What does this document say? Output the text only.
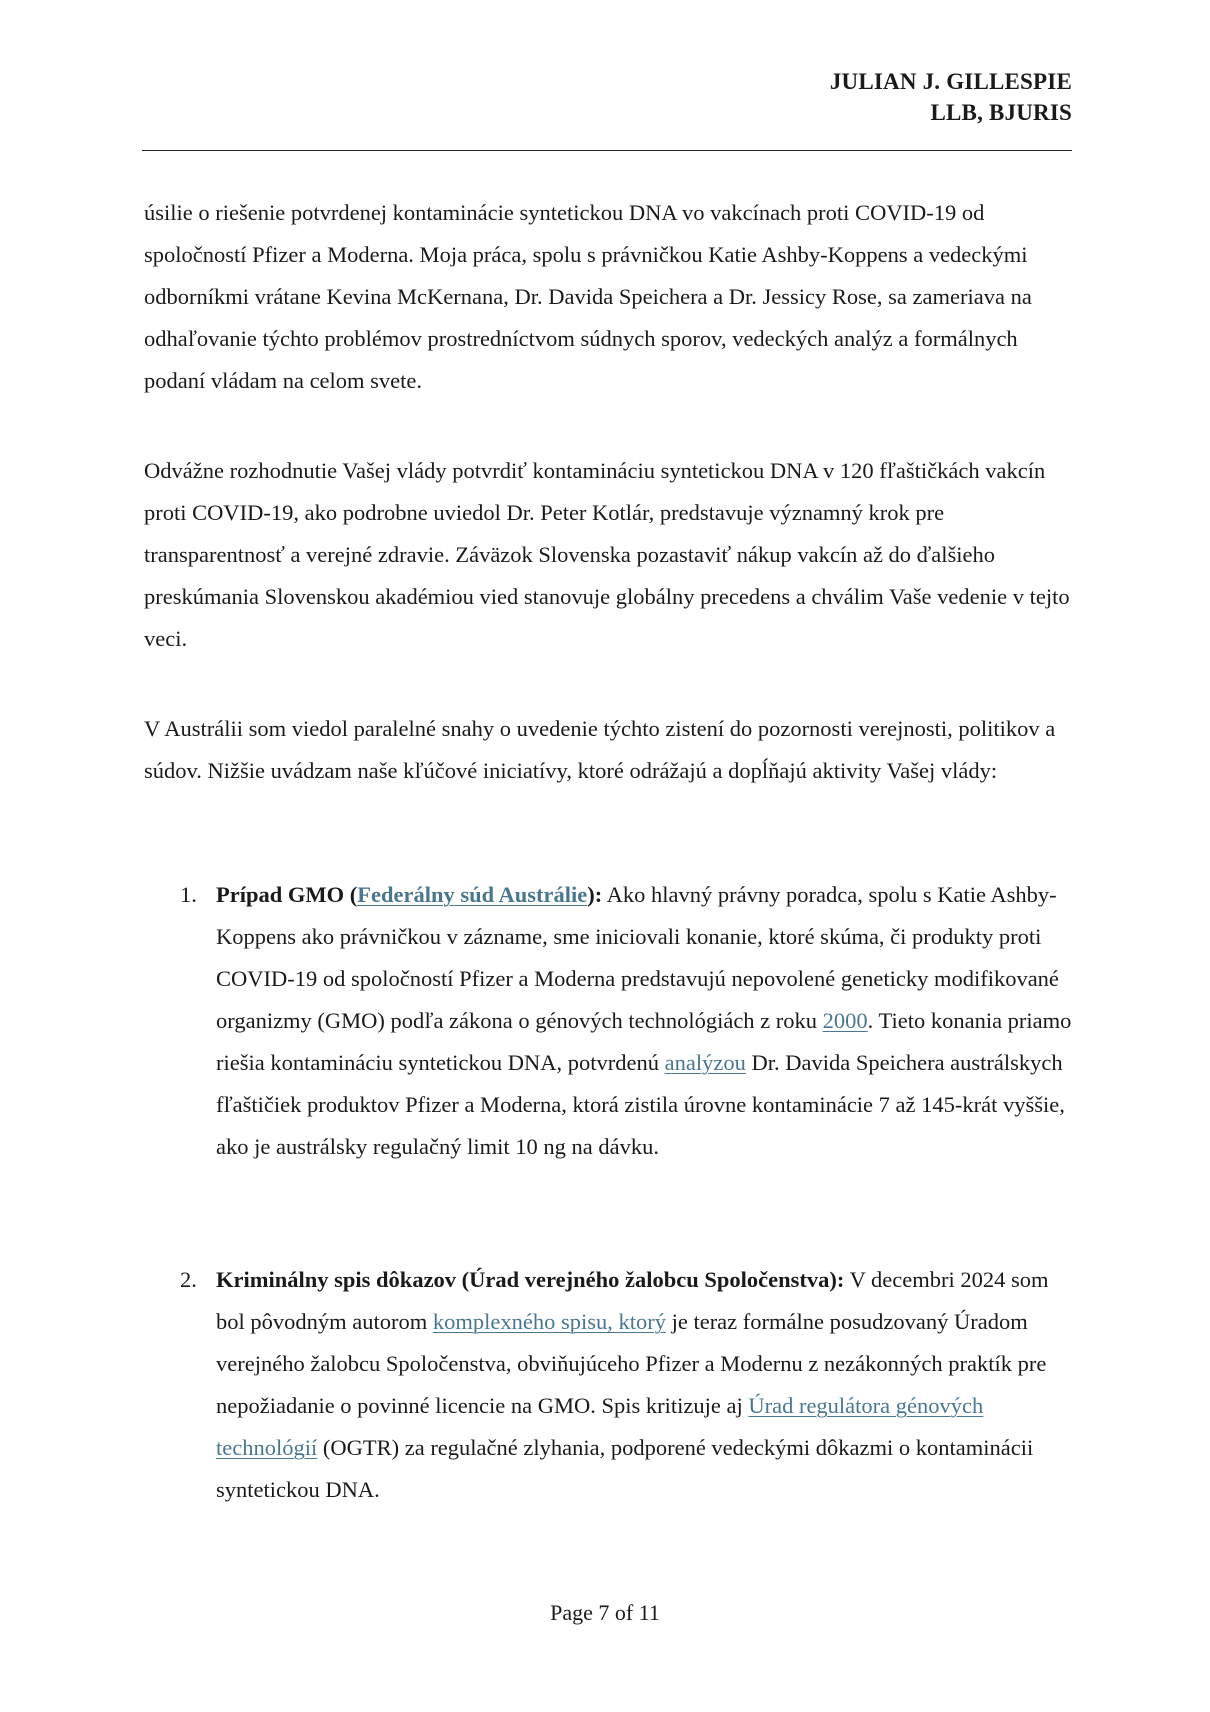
JULIAN J. GILLESPIE
LLB, BJURIS

úsilie o riešenie potvrdenej kontaminácie syntetickou DNA vo vakcínach proti COVID-19 od spoločností Pfizer a Moderna. Moja práca, spolu s právničkou Katie Ashby-Koppens a vedeckými odborníkmi vrátane Kevina McKernana, Dr. Davida Speichera a Dr. Jessicy Rose, sa zameriava na odhaľovanie týchto problémov prostredníctvom súdnych sporov, vedeckých analýz a formálnych podaní vládam na celom svete.

Odvážne rozhodnutie Vašej vlády potvrdiť kontamináciu syntetickou DNA v 120 fľaštičkách vakcín proti COVID-19, ako podrobne uviedol Dr. Peter Kotlár, predstavuje významný krok pre transparentnosť a verejné zdravie. Záväzok Slovenska pozastaviť nákup vakcín až do ďalšieho preskúmania Slovenskou akadémiou vied stanovuje globálny precedens a chválim Vaše vedenie v tejto veci.

V Austrálii som viedol paralelné snahy o uvedenie týchto zistení do pozornosti verejnosti, politikov a súdov. Nižšie uvádzam naše kľúčové iniciatívy, ktoré odrážajú a dopĺňajú aktivity Vašej vlády:

1. Prípad GMO (Federálny súd Austrálie): Ako hlavný právny poradca, spolu s Katie Ashby-Koppens ako právničkou v zázname, sme iniciovali konanie, ktoré skúma, či produkty proti COVID-19 od spoločností Pfizer a Moderna predstavujú nepovolené geneticky modifikované organizmy (GMO) podľa zákona o génových technológiách z roku 2000. Tieto konania priamo riešia kontamináciu syntetickou DNA, potvrdenú analýzou Dr. Davida Speichera austrálskych fľaštičiek produktov Pfizer a Moderna, ktorá zistila úrovne kontaminácie 7 až 145-krát vyššie, ako je austrálsky regulačný limit 10 ng na dávku.
2. Kriminálny spis dôkazov (Úrad verejného žalobcu Spoločenstva): V decembri 2024 som bol pôvodným autorom komplexného spisu, ktorý je teraz formálne posudzovaný Úradom verejného žalobcu Spoločenstva, obviňujúceho Pfizer a Modernu z nezákonných praktík pre nepožiadanie o povinné licencie na GMO. Spis kritizuje aj Úrad regulátora génových technológií (OGTR) za regulačné zlyhania, podporené vedeckými dôkazmi o kontaminácii syntetickou DNA.
Page 7 of 11
